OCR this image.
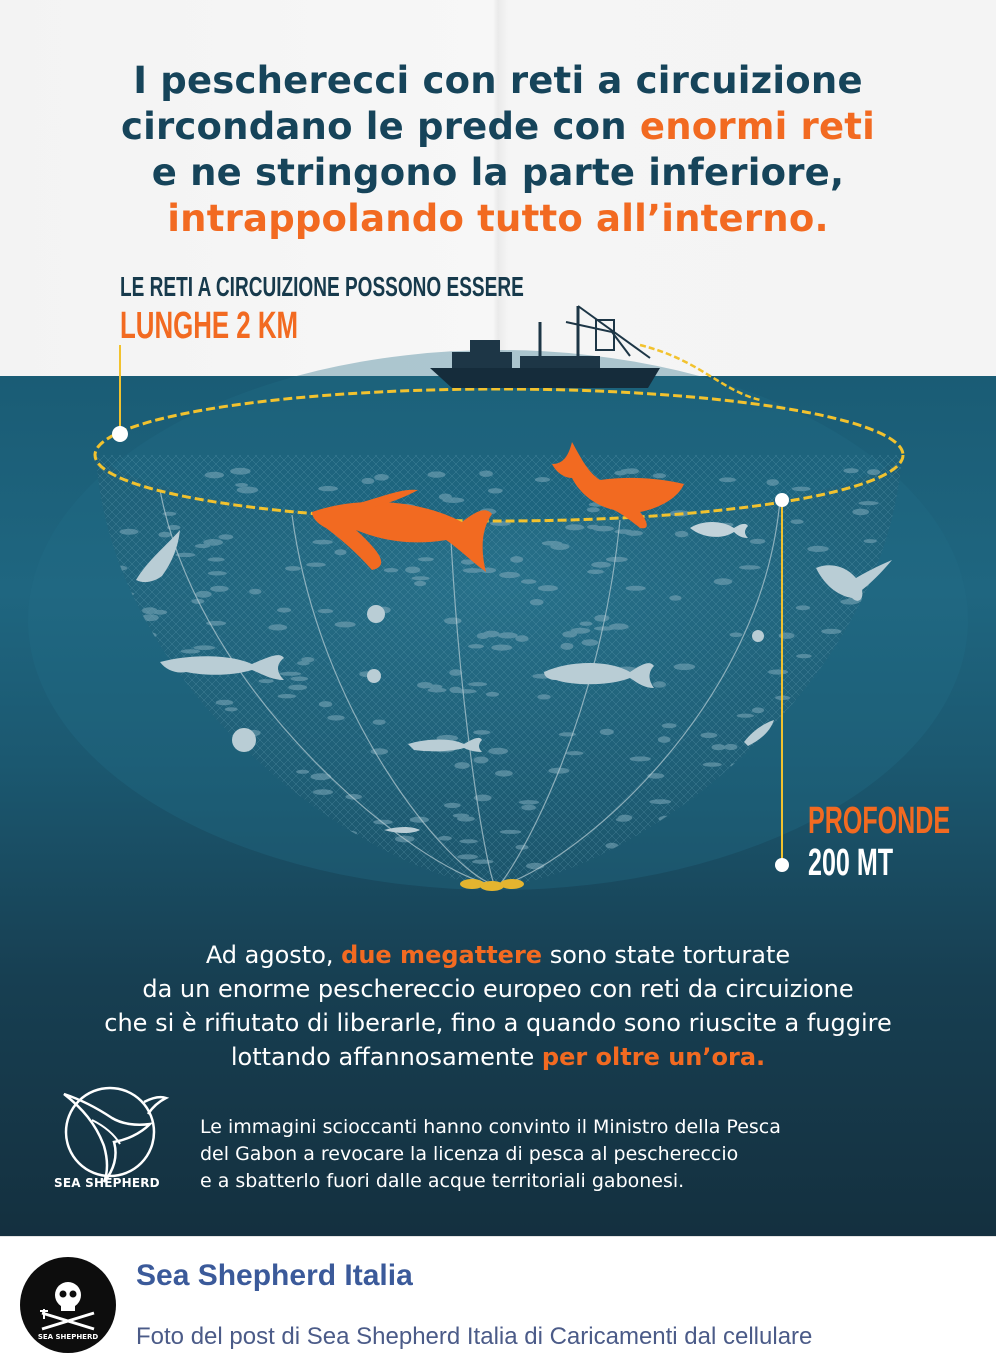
I pescherecci con reti a circuizione
circondano le prede con enormi reti
e ne stringono la parte inferiore,
intrappolando tutto all’interno.
LE RETI A CIRCUIZIONE POSSONO ESSERE
LUNGHE 2 KM
PROFONDE
200 MT
Ad agosto, due megattere sono state torturate
da un enorme peschereccio europeo con reti da circuizione
che si è rifiutato di liberarle, fino a quando sono riuscite a fuggire
lottando affannosamente per oltre un’ora.
SEA SHEPHERD
Le immagini scioccanti hanno convinto il Ministro della Pesca
del Gabon a revocare la licenza di pesca al peschereccio
e a sbatterlo fuori dalle acque territoriali gabonesi.
SEA SHEPHERD
Sea Shepherd Italia
Foto del post di Sea Shepherd Italia di Caricamenti dal cellulare
